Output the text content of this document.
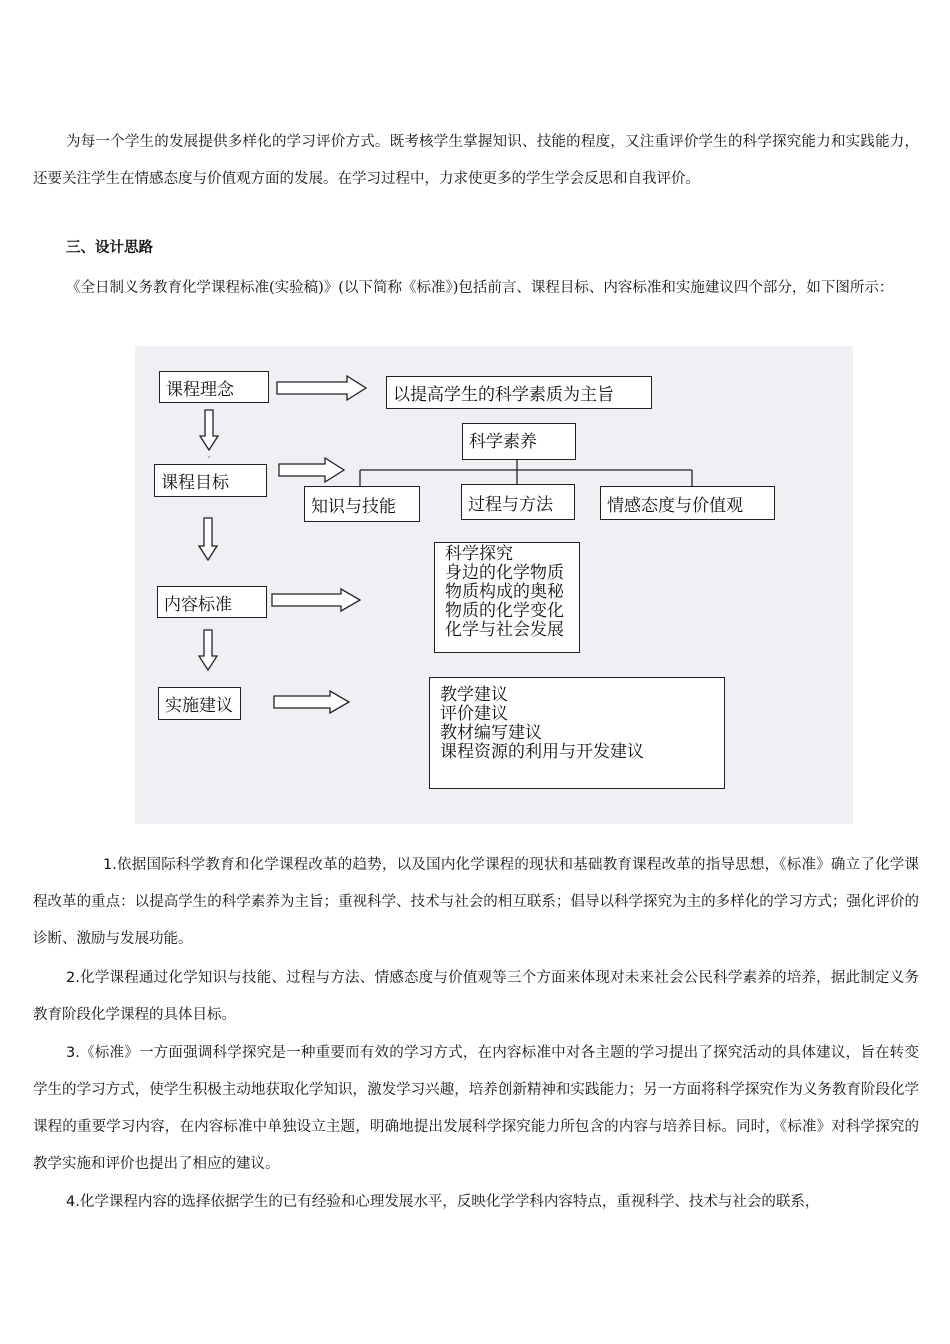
为每一个学生的发展提供多样化的学习评价方式。既考核学生掌握知识、技能的程度，又注重评价学生的科学探究能力和实践能力，还要关注学生在情感态度与价值观方面的发展。在学习过程中，力求使更多的学生学会反思和自我评价。

三、设计思路

《全日制义务教育化学课程标准(实验稿)》(以下简称《标准》)包括前言、课程目标、内容标准和实施建议四个部分，如下图所示：

课程理念	以提高学生的科学素质为主旨
科学素养
课程目标
知识与技能	过程与方法	情感态度与价值观
内容标准
科学探究
身边的化学物质
物质构成的奥秘
物质的化学变化
化学与社会发展
实施建议
教学建议
评价建议
教材编写建议
课程资源的利用与开发建议

1.依据国际科学教育和化学课程改革的趋势，以及国内化学课程的现状和基础教育课程改革的指导思想，《标准》确立了化学课程改革的重点：以提高学生的科学素养为主旨；重视科学、技术与社会的相互联系；倡导以科学探究为主的多样化的学习方式；强化评价的诊断、激励与发展功能。

2.化学课程通过化学知识与技能、过程与方法、情感态度与价值观等三个方面来体现对未来社会公民科学素养的培养，据此制定义务教育阶段化学课程的具体目标。

3.《标准》一方面强调科学探究是一种重要而有效的学习方式，在内容标准中对各主题的学习提出了探究活动的具体建议，旨在转变学生的学习方式，使学生积极主动地获取化学知识，激发学习兴趣，培养创新精神和实践能力；另一方面将科学探究作为义务教育阶段化学课程的重要学习内容，在内容标准中单独设立主题，明确地提出发展科学探究能力所包含的内容与培养目标。同时，《标准》对科学探究的教学实施和评价也提出了相应的建议。

4.化学课程内容的选择依据学生的已有经验和心理发展水平，反映化学学科内容特点，重视科学、技术与社会的联系，
